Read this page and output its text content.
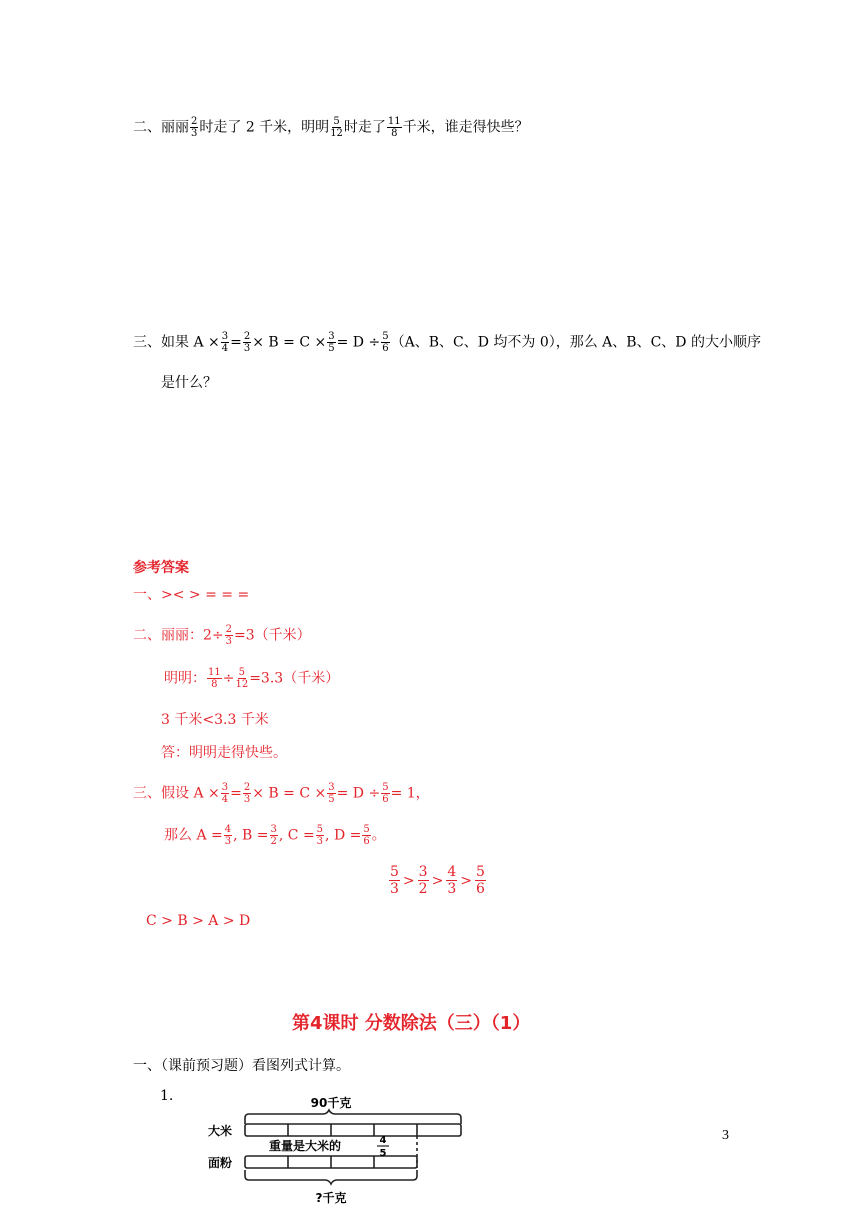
二、丽丽 $\frac{2}{3}$ 时走了 2 千米，明明 $\frac{5}{12}$ 时走了 $\frac{11}{8}$ 千米，谁走得快些？
三、如果 $A \times \frac{3}{4} = \frac{2}{3} \times B = C \times \frac{3}{5} = D \div \frac{5}{6} (A$、B、C、D 均不为 0），那么 A、B、C、D 的大小顺序
是什么？
参考答案
一、>< > = = =
二、丽丽：$2\div \frac{2}{3} =3$（千米）
明明： $\frac{11}{8} \div \frac{5}{12} =3.3$（千米）
3 千米<3.3 千米
答：明明走得快些。
三、假设 $A \times \frac{3}{4} = \frac{2}{3} \times B = C \times \frac{3}{5} = D \div \frac{5}{6} = 1$，
那么 $A = \frac{4}{3}$ , $B = \frac{3}{2}$ , $C = \frac{5}{3}$ , $D = \frac{5}{6}$ 。
$\frac{5}{3} > \frac{3}{2} > \frac{4}{3} > \frac{5}{6}$
C > B > A > D
第4课时 分数除法（三）（1）
一、（课前预习题）看图列式计算。
1.	90千克
大米
重量是大米的	4
5
面粉
?千克
3
